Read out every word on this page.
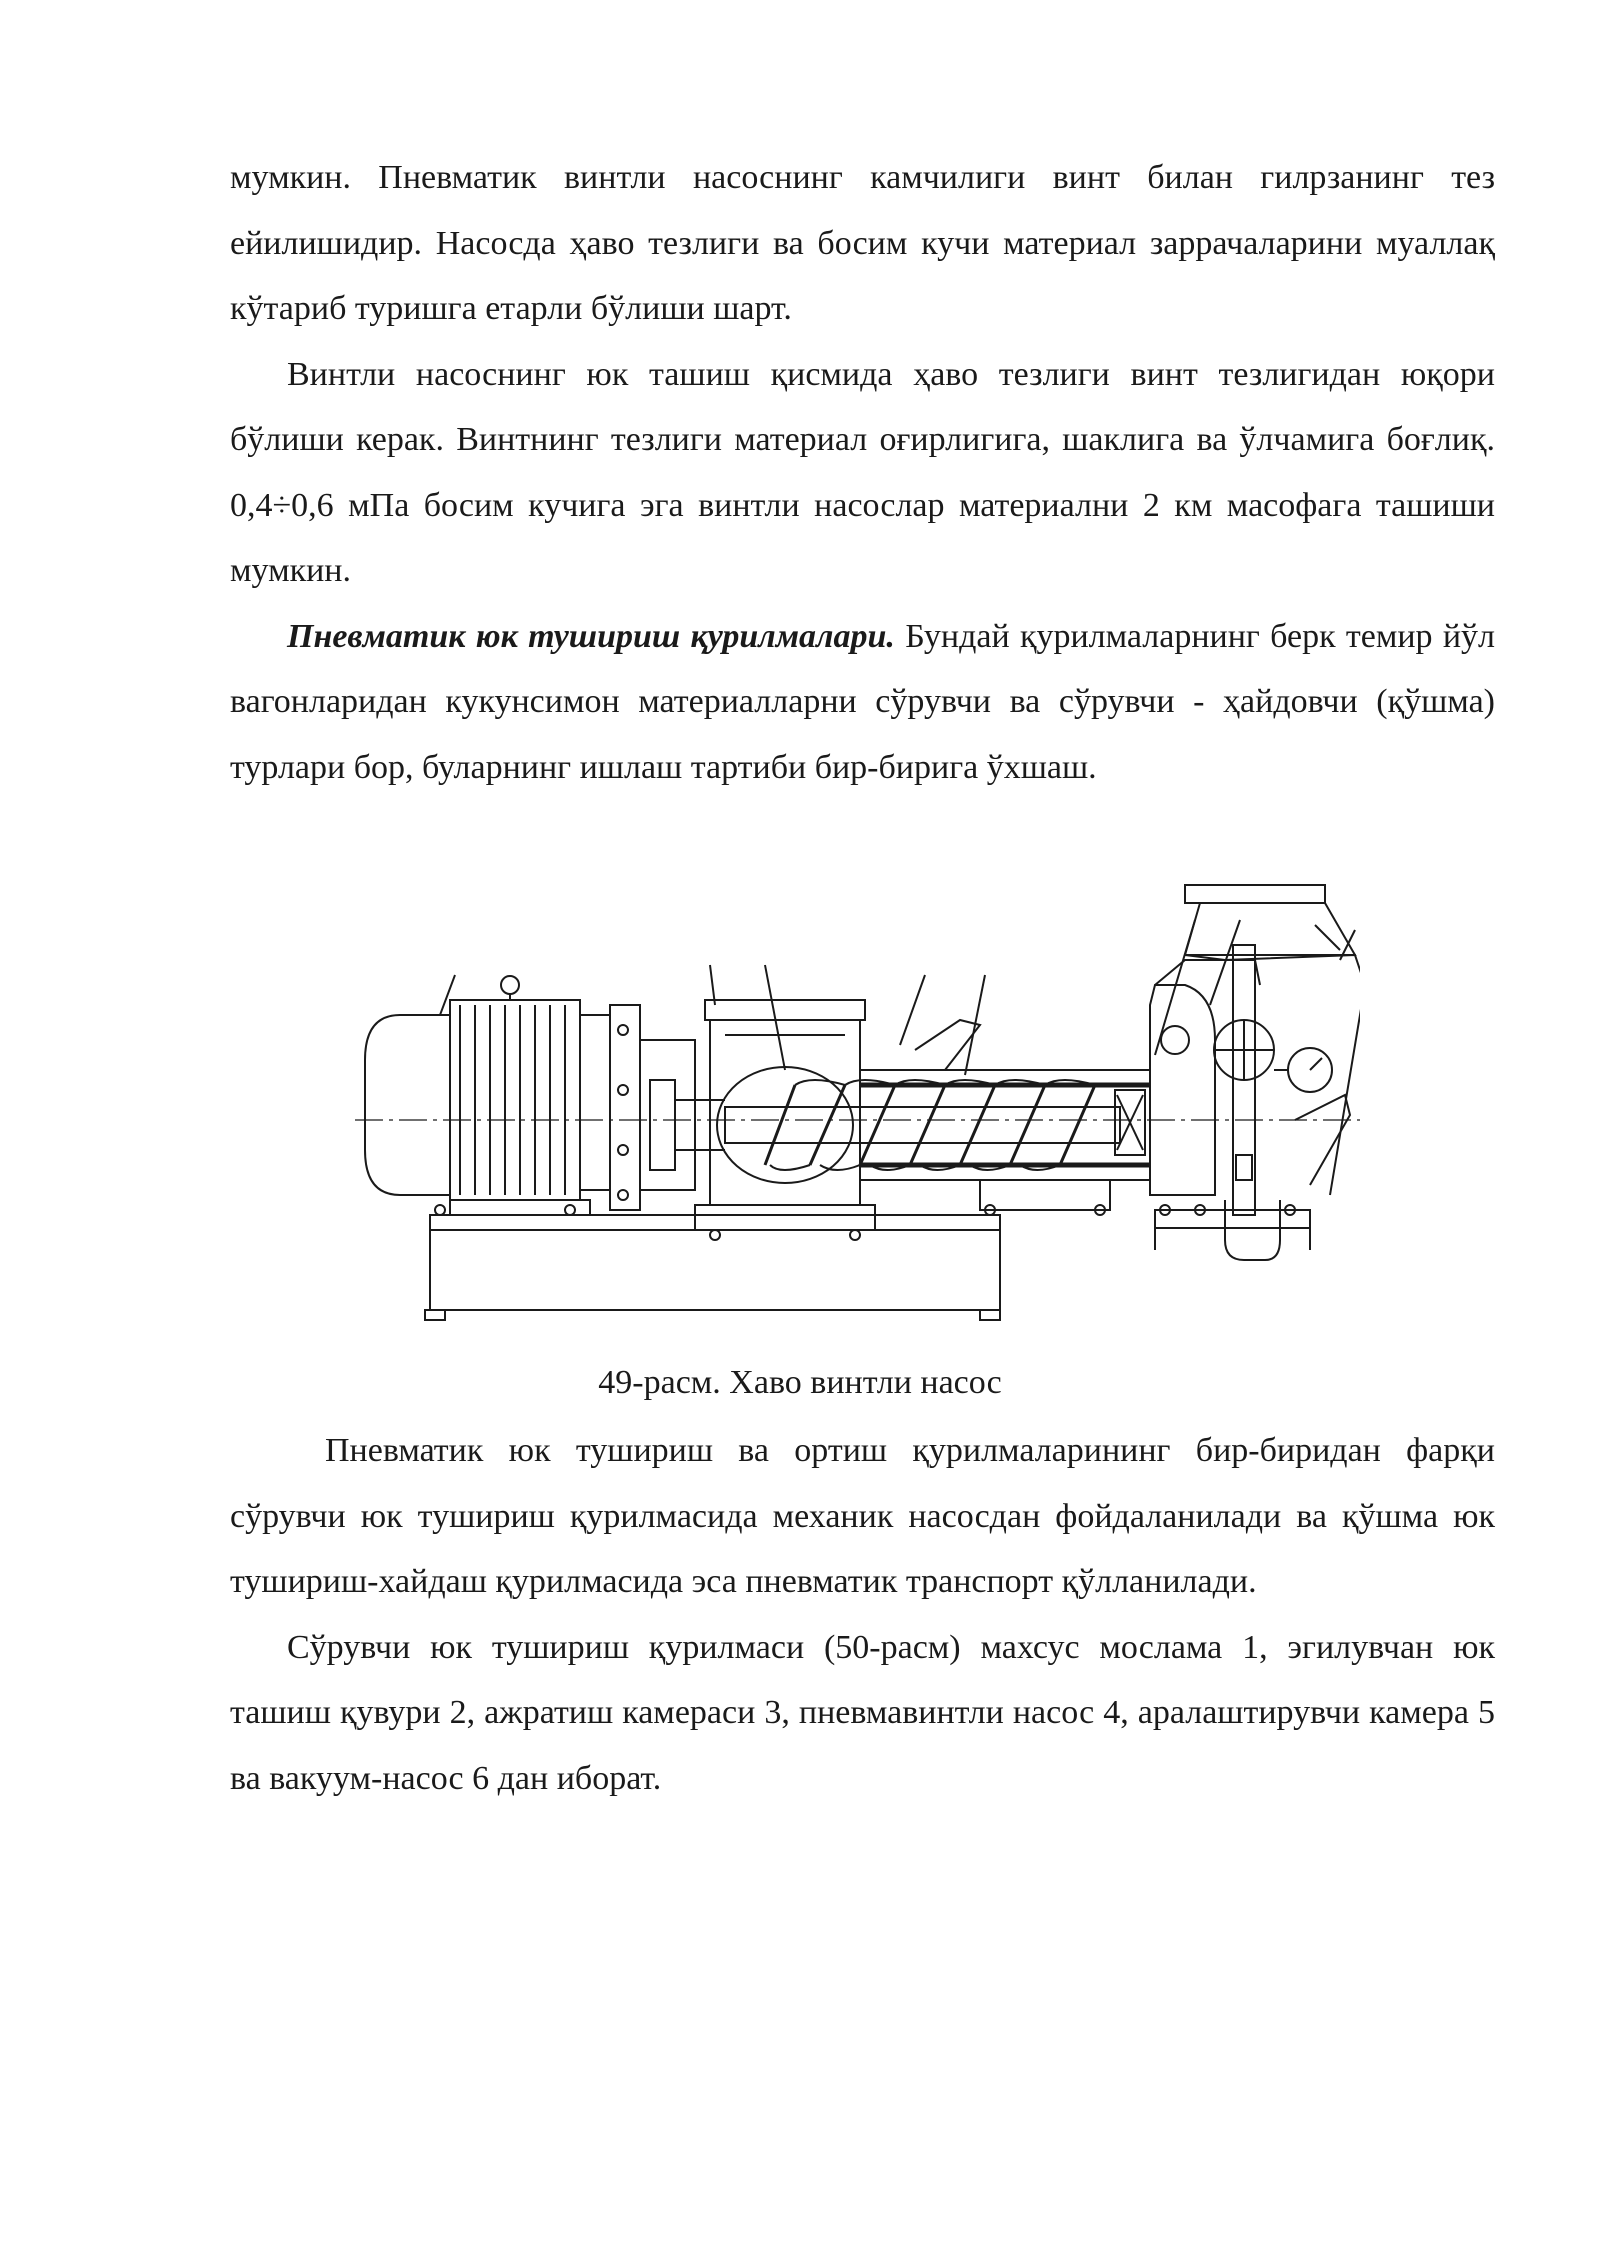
мумкин. Пневматик винтли насоснинг камчилиги винт билан гилрзанинг тез ейилишидир. Насосда ҳаво тезлиги ва босим кучи материал заррачаларини муаллақ кўтариб туришга етарли бўлиши шарт.

Винтли насоснинг юк ташиш қисмида ҳаво тезлиги винт тезлигидан юқори бўлиши керак. Винтнинг тезлиги материал оғирлигига, шаклига ва ўлчамига боғлиқ. 0,4÷0,6 мПа босим кучига эга винтли насослар материални 2 км масофага ташиши мумкин.

Пневматик юк тушириш қурилмалари. Бундай қурилмаларнинг берк темир йўл вагонларидан кукунсимон материалларни сўрувчи ва сўрувчи - ҳайдовчи (қўшма) турлари бор, буларнинг ишлаш тартиби бир-бирига ўхшаш.

49-расм. Хаво винтли насос

Пневматик юк тушириш ва ортиш қурилмаларининг бир-биридан фарқи сўрувчи юк тушириш қурилмасида механик насосдан фойдаланилади ва қўшма юк тушириш-хайдаш қурилмасида эса пневматик транспорт қўлланилади.

Сўрувчи юк тушириш қурилмаси (50-расм) махсус мослама 1, эгилувчан юк ташиш қувури 2, ажратиш камераси 3, пневмавинтли насос 4, аралаштирувчи камера 5 ва вакуум-насос 6 дан иборат.
